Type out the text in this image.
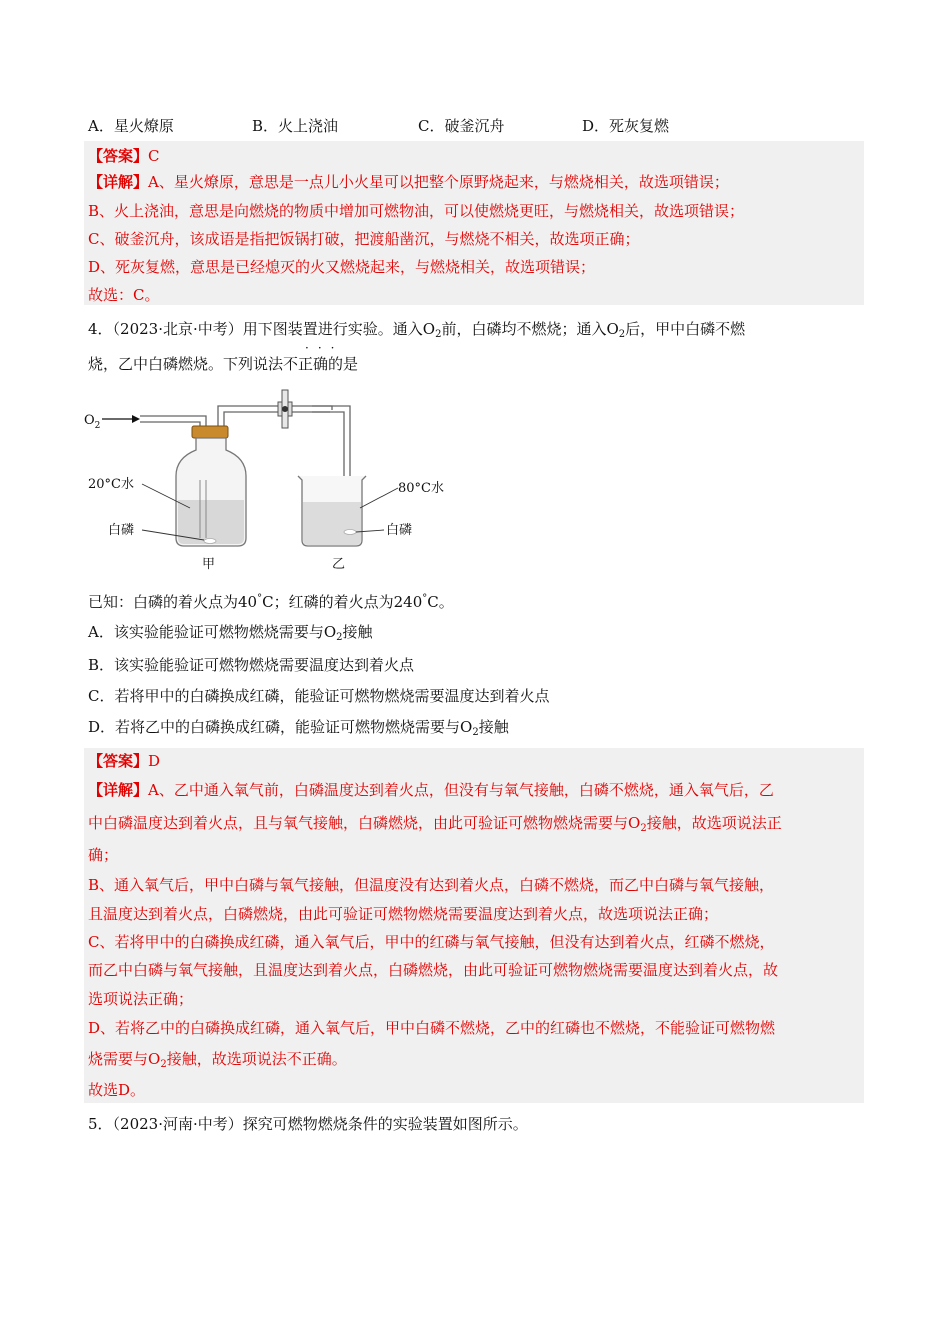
A．星火燎原	B．火上浇油	C．破釜沉舟	D．死灰复燃
【答案】C
【详解】A、星火燎原，意思是一点儿小火星可以把整个原野烧起来，与燃烧相关，故选项错误；
B、火上浇油，意思是向燃烧的物质中增加可燃物油，可以使燃烧更旺，与燃烧相关，故选项错误；
C、破釜沉舟，该成语是指把饭锅打破，把渡船凿沉，与燃烧不相关，故选项正确；
D、死灰复燃，意思是已经熄灭的火又燃烧起来，与燃烧相关，故选项错误；
故选：C。
4．（2023·北京·中考）用下图装置进行实验。通入$O_2$前，白磷均不燃烧；通入$O_2$后，甲中白磷不燃
···
烧，乙中白磷燃烧。下列说法不正确的是
$O_2$
20°C水
白磷
甲
80°C水
白磷
乙
已知：白磷的着火点为40°C；红磷的着火点为240°C。
A．该实验能验证可燃物燃烧需要与$O_2$接触
B．该实验能验证可燃物燃烧需要温度达到着火点
C．若将甲中的白磷换成红磷，能验证可燃物燃烧需要温度达到着火点
D．若将乙中的白磷换成红磷，能验证可燃物燃烧需要与$O_2$接触
【答案】D
【详解】A、乙中通入氧气前，白磷温度达到着火点，但没有与氧气接触，白磷不燃烧，通入氧气后，乙
中白磷温度达到着火点，且与氧气接触，白磷燃烧，由此可验证可燃物燃烧需要与$O_2$接触，故选项说法正
确；
B、通入氧气后，甲中白磷与氧气接触，但温度没有达到着火点，白磷不燃烧，而乙中白磷与氧气接触，
且温度达到着火点，白磷燃烧，由此可验证可燃物燃烧需要温度达到着火点，故选项说法正确；
C、若将甲中的白磷换成红磷，通入氧气后，甲中的红磷与氧气接触，但没有达到着火点，红磷不燃烧，
而乙中白磷与氧气接触，且温度达到着火点，白磷燃烧，由此可验证可燃物燃烧需要温度达到着火点，故
选项说法正确；
D、若将乙中的白磷换成红磷，通入氧气后，甲中白磷不燃烧，乙中的红磷也不燃烧，不能验证可燃物燃
烧需要与$O_2$接触，故选项说法不正确。
故选D。
5．（2023·河南·中考）探究可燃物燃烧条件的实验装置如图所示。
